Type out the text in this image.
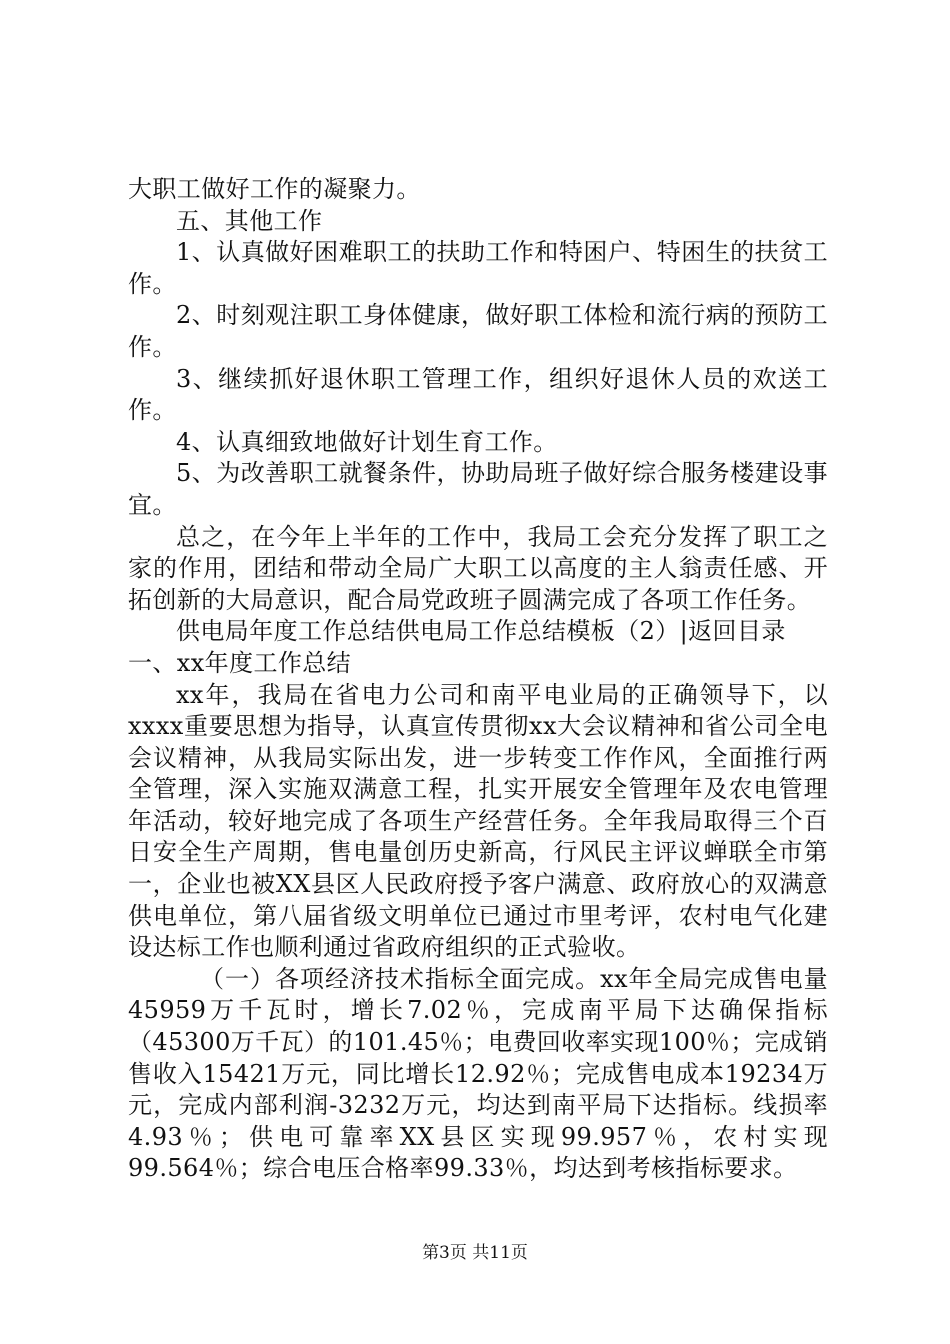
大职工做好工作的凝聚力。

五、其他工作

1、认真做好困难职工的扶助工作和特困户、特困生的扶贫工作。

2、时刻观注职工身体健康，做好职工体检和流行病的预防工作。

3、继续抓好退休职工管理工作，组织好退休人员的欢送工作。

4、认真细致地做好计划生育工作。

5、为改善职工就餐条件，协助局班子做好综合服务楼建设事宜。

总之，在今年上半年的工作中，我局工会充分发挥了职工之家的作用，团结和带动全局广大职工以高度的主人翁责任感、开拓创新的大局意识，配合局党政班子圆满完成了各项工作任务。

供电局年度工作总结供电局工作总结模板（2）|返回目录

一、xx年度工作总结

xx年，我局在省电力公司和南平电业局的正确领导下，以xxxx重要思想为指导，认真宣传贯彻xx大会议精神和省公司全电会议精神，从我局实际出发，进一步转变工作作风，全面推行两全管理，深入实施双满意工程，扎实开展安全管理年及农电管理年活动，较好地完成了各项生产经营任务。全年我局取得三个百日安全生产周期，售电量创历史新高，行风民主评议蝉联全市第一，企业也被XX县区人民政府授予客户满意、政府放心的双满意供电单位，第八届省级文明单位已通过市里考评，农村电气化建设达标工作也顺利通过省政府组织的正式验收。

（一）各项经济技术指标全面完成。xx年全局完成售电量45959万千瓦时，增长7.02％，完成南平局下达确保指标（45300万千瓦）的101.45％；电费回收率实现100％；完成销售收入15421万元，同比增长12.92％；完成售电成本19234万元，完成内部利润-3232万元，均达到南平局下达指标。线损率4.93％；供电可靠率XX县区实现99.957％，农村实现99.564％；综合电压合格率99.33％，均达到考核指标要求。

第3页 共11页
